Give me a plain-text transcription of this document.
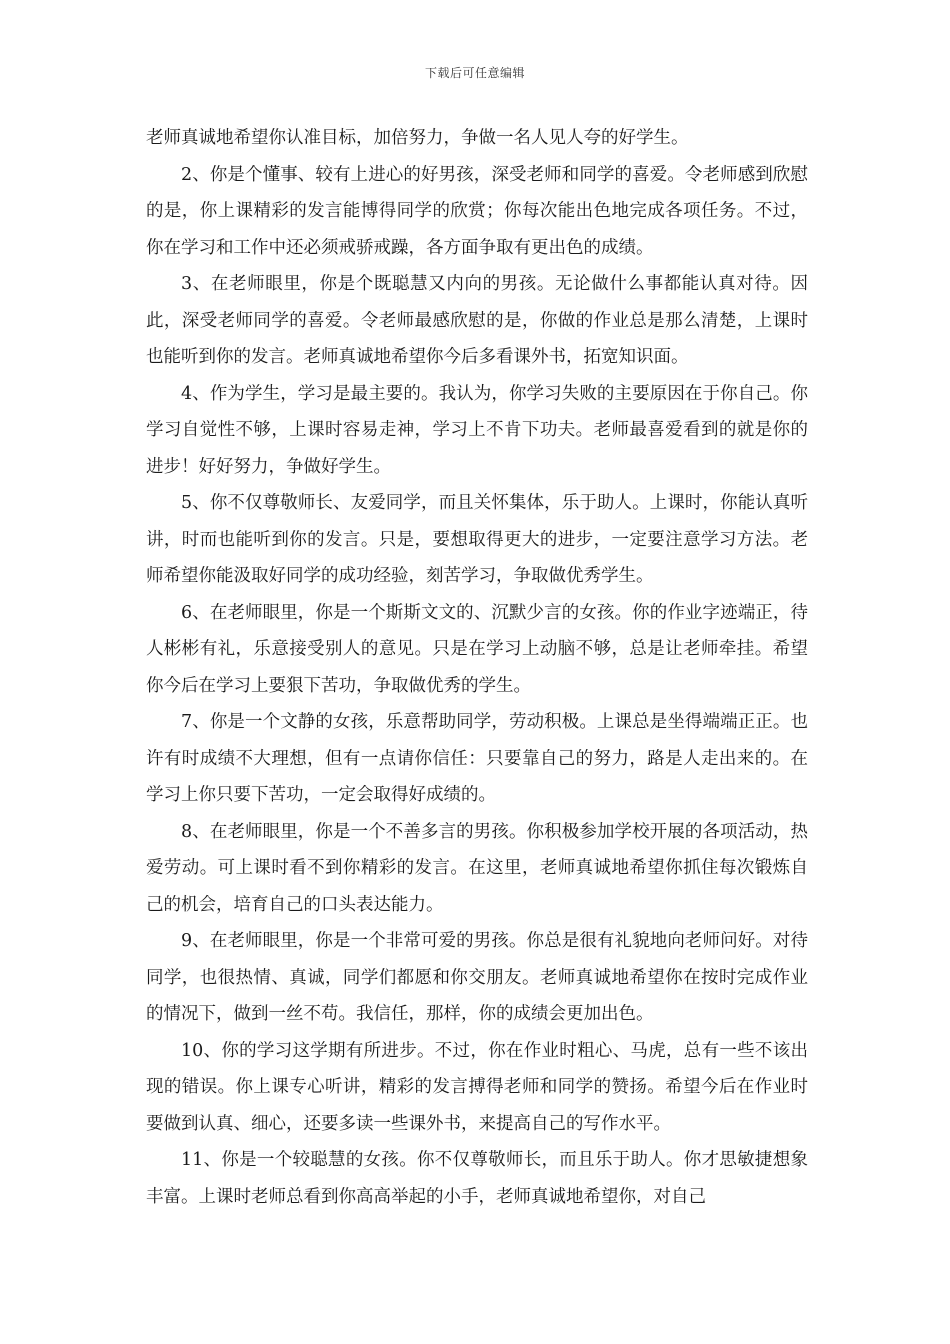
下载后可任意编辑

老师真诚地希望你认准目标，加倍努力，争做一名人见人夸的好学生。

2、你是个懂事、较有上进心的好男孩，深受老师和同学的喜爱。令老师感到欣慰的是，你上课精彩的发言能博得同学的欣赏；你每次能出色地完成各项任务。不过，你在学习和工作中还必须戒骄戒躁，各方面争取有更出色的成绩。

3、在老师眼里，你是个既聪慧又内向的男孩。无论做什么事都能认真对待。因此，深受老师同学的喜爱。令老师最感欣慰的是，你做的作业总是那么清楚，上课时也能听到你的发言。老师真诚地希望你今后多看课外书，拓宽知识面。

4、作为学生，学习是最主要的。我认为，你学习失败的主要原因在于你自己。你学习自觉性不够，上课时容易走神，学习上不肯下功夫。老师最喜爱看到的就是你的进步！好好努力，争做好学生。

5、你不仅尊敬师长、友爱同学，而且关怀集体，乐于助人。上课时，你能认真听讲，时而也能听到你的发言。只是，要想取得更大的进步，一定要注意学习方法。老师希望你能汲取好同学的成功经验，刻苦学习，争取做优秀学生。

6、在老师眼里，你是一个斯斯文文的、沉默少言的女孩。你的作业字迹端正，待人彬彬有礼，乐意接受别人的意见。只是在学习上动脑不够，总是让老师牵挂。希望你今后在学习上要狠下苦功，争取做优秀的学生。

7、你是一个文静的女孩，乐意帮助同学，劳动积极。上课总是坐得端端正正。也许有时成绩不大理想，但有一点请你信任：只要靠自己的努力，路是人走出来的。在学习上你只要下苦功，一定会取得好成绩的。

8、在老师眼里，你是一个不善多言的男孩。你积极参加学校开展的各项活动，热爱劳动。可上课时看不到你精彩的发言。在这里，老师真诚地希望你抓住每次锻炼自己的机会，培育自己的口头表达能力。

9、在老师眼里，你是一个非常可爱的男孩。你总是很有礼貌地向老师问好。对待同学，也很热情、真诚，同学们都愿和你交朋友。老师真诚地希望你在按时完成作业的情况下，做到一丝不苟。我信任，那样，你的成绩会更加出色。

10、你的学习这学期有所进步。不过，你在作业时粗心、马虎，总有一些不该出现的错误。你上课专心听讲，精彩的发言搏得老师和同学的赞扬。希望今后在作业时要做到认真、细心，还要多读一些课外书，来提高自己的写作水平。

11、你是一个较聪慧的女孩。你不仅尊敬师长，而且乐于助人。你才思敏捷想象丰富。上课时老师总看到你高高举起的小手，老师真诚地希望你，对自己
